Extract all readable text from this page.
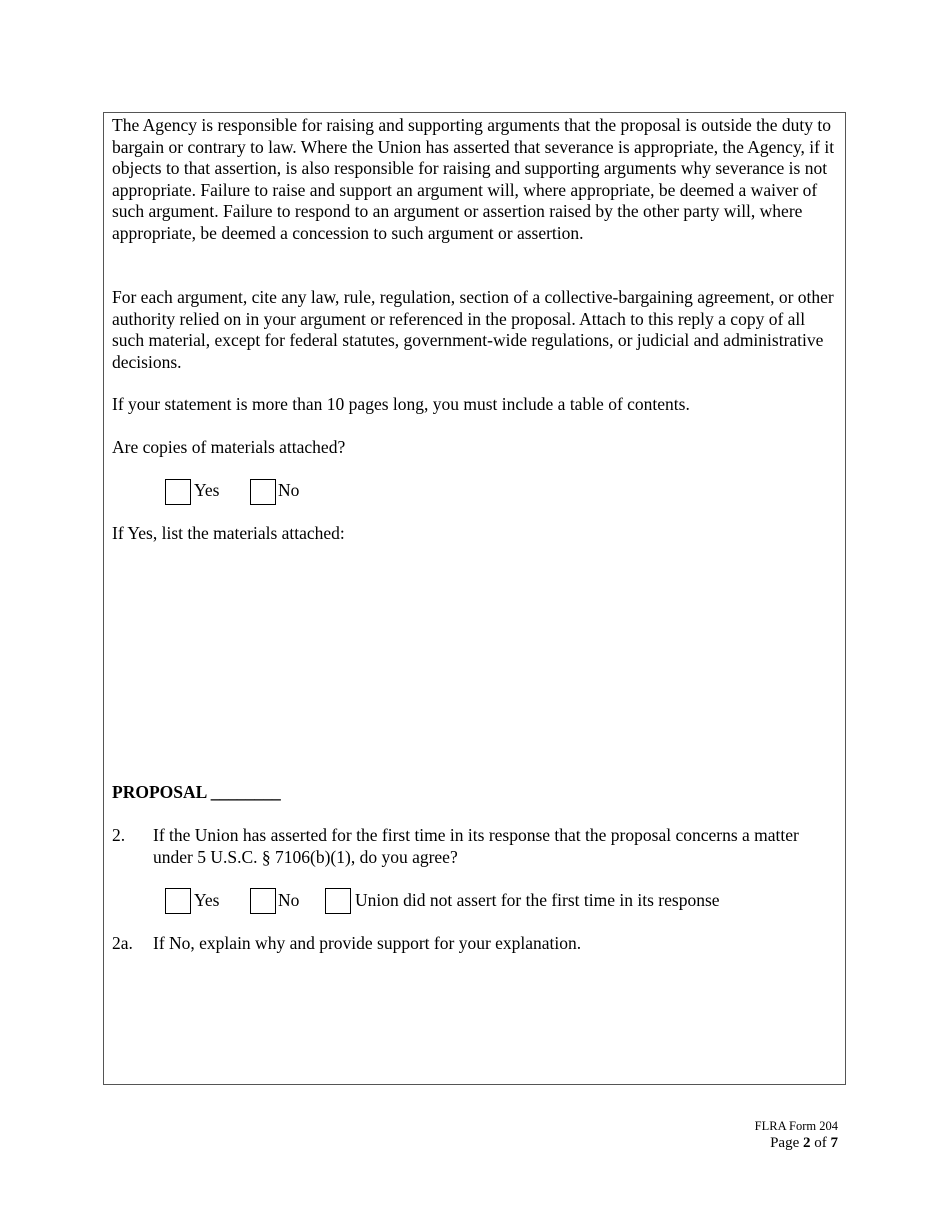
The Agency is responsible for raising and supporting arguments that the proposal is outside the duty to bargain or contrary to law. Where the Union has asserted that severance is appropriate, the Agency, if it objects to that assertion, is also responsible for raising and supporting arguments why severance is not appropriate. Failure to raise and support an argument will, where appropriate, be deemed a waiver of such argument. Failure to respond to an argument or assertion raised by the other party will, where appropriate, be deemed a concession to such argument or assertion.
For each argument, cite any law, rule, regulation, section of a collective-bargaining agreement, or other authority relied on in your argument or referenced in the proposal. Attach to this reply a copy of all such material, except for federal statutes, government-wide regulations, or judicial and administrative decisions.
If your statement is more than 10 pages long, you must include a table of contents.
Are copies of materials attached?
Yes	No
If Yes, list the materials attached:
PROPOSAL ________
2. If the Union has asserted for the first time in its response that the proposal concerns a matter under 5 U.S.C. § 7106(b)(1), do you agree?
Yes	No	Union did not assert for the first time in its response
2a. If No, explain why and provide support for your explanation.
FLRA Form 204
Page 2 of 7
